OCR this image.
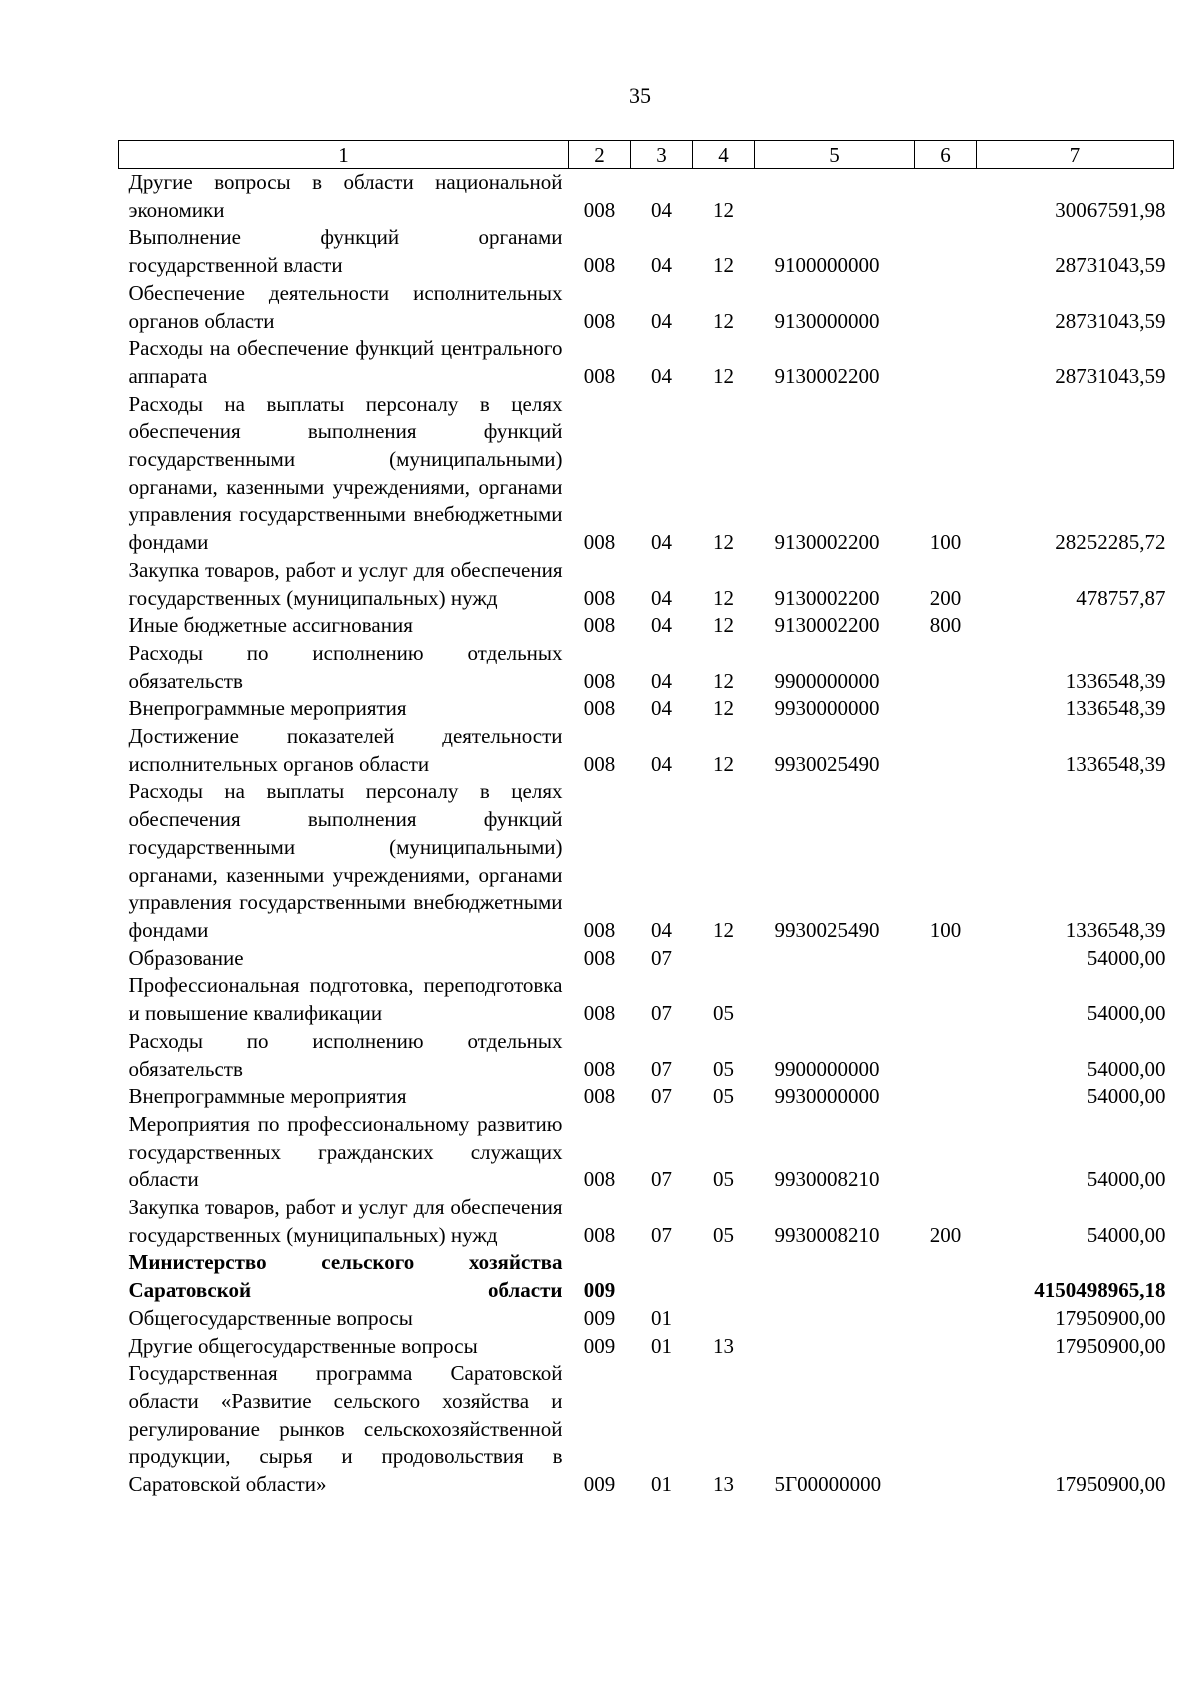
35
1	2	3	4	5	6	7
Другие вопросы в области национальной экономики	008	04	12			30067591,98
Выполнение функций органами государственной власти	008	04	12	9100000000		28731043,59
Обеспечение деятельности исполнительных органов области	008	04	12	9130000000		28731043,59
Расходы на обеспечение функций центрального аппарата	008	04	12	9130002200		28731043,59
Расходы на выплаты персоналу в целях обеспечения выполнения функций государственными (муниципальными) органами, казенными учреждениями, органами управления государственными внебюджетными фондами	008	04	12	9130002200	100	28252285,72
Закупка товаров, работ и услуг для обеспечения государственных (муниципальных) нужд	008	04	12	9130002200	200	478757,87
Иные бюджетные ассигнования	008	04	12	9130002200	800	
Расходы по исполнению отдельных обязательств	008	04	12	9900000000		1336548,39
Внепрограммные мероприятия	008	04	12	9930000000		1336548,39
Достижение показателей деятельности исполнительных органов области	008	04	12	9930025490		1336548,39
Расходы на выплаты персоналу в целях обеспечения выполнения функций государственными (муниципальными) органами, казенными учреждениями, органами управления государственными внебюджетными фондами	008	04	12	9930025490	100	1336548,39
Образование	008	07				54000,00
Профессиональная подготовка, переподготовка и повышение квалификации	008	07	05			54000,00
Расходы по исполнению отдельных обязательств	008	07	05	9900000000		54000,00
Внепрограммные мероприятия	008	07	05	9930000000		54000,00
Мероприятия по профессиональному развитию государственных гражданских служащих области	008	07	05	9930008210		54000,00
Закупка товаров, работ и услуг для обеспечения государственных (муниципальных) нужд	008	07	05	9930008210	200	54000,00
Министерство сельского хозяйства Саратовской области	009					4150498965,18
Общегосударственные вопросы	009	01				17950900,00
Другие общегосударственные вопросы	009	01	13			17950900,00
Государственная программа Саратовской области «Развитие сельского хозяйства и регулирование рынков сельскохозяйственной продукции, сырья и продовольствия в Саратовской области»	009	01	13	5Г00000000		17950900,00
